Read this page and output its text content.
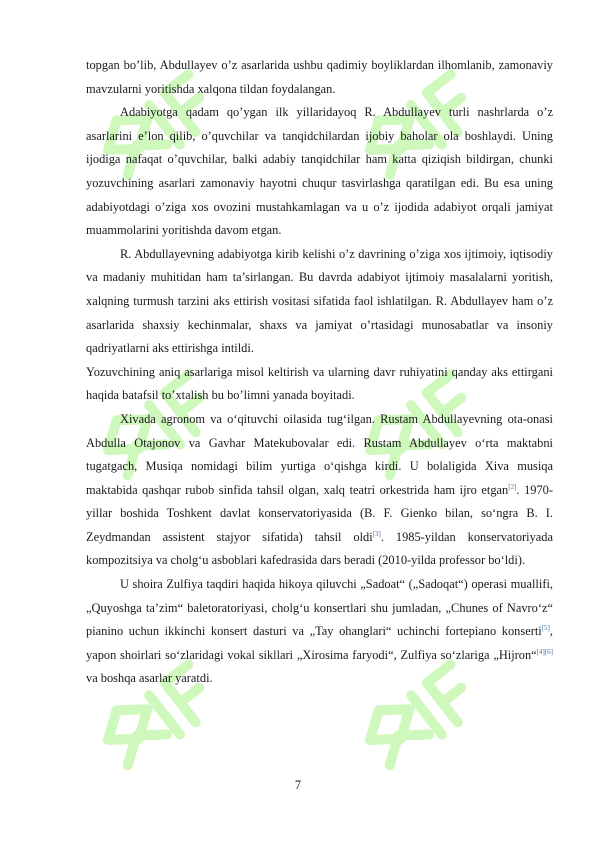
topgan bo’lib, Abdullayev o’z asarlarida ushbu qadimiy boyliklardan ilhomlanib, zamonaviy mavzularni yoritishda xalqona tildan foydalangan.

Adabiyotga qadam qo’ygan ilk yillaridayoq R. Abdullayev turli nashrlarda o’z asarlarini e’lon qilib, o’quvchilar va tanqidchilardan ijobiy baholar ola boshlaydi. Uning ijodiga nafaqat o’quvchilar, balki adabiy tanqidchilar ham katta qiziqish bildirgan, chunki yozuvchining asarlari zamonaviy hayotni chuqur tasvirlashga qaratilgan edi. Bu esa uning adabiyotdagi o’ziga xos ovozini mustahkamlagan va u o’z ijodida adabiyot orqali jamiyat muammolarini yoritishda davom etgan.

R. Abdullayevning adabiyotga kirib kelishi o’z davrining o’ziga xos ijtimoiy, iqtisodiy va madaniy muhitidan ham ta’sirlangan. Bu davrda adabiyot ijtimoiy masalalarni yoritish, xalqning turmush tarzini aks ettirish vositasi sifatida faol ishlatilgan. R. Abdullayev ham o’z asarlarida shaxsiy kechinmalar, shaxs va jamiyat o’rtasidagi munosabatlar va insoniy qadriyatlarni aks ettirishga intildi.

Yozuvchining aniq asarlariga misol keltirish va ularning davr ruhiyatini qanday aks ettirgani haqida batafsil to’xtalish bu bo’limni yanada boyitadi.

Xivada agronom va o‘qituvchi oilasida tug‘ilgan. Rustam Abdullayevning ota-onasi Abdulla Otajonov va Gavhar Matekubovalar edi. Rustam Abdullayev o‘rta maktabni tugatgach, Musiqa nomidagi bilim yurtiga o‘qishga kirdi. U bolaligida Xiva musiqa maktabida qashqar rubob sinfida tahsil olgan, xalq teatri orkestrida ham ijro etgan[2]. 1970-yillar boshida Toshkent davlat konservatoriyasida (B. F. Gienko bilan, so‘ngra B. I. Zeydmandan assistent stajyor sifatida) tahsil oldi[3]. 1985-yildan konservatoriyada kompozitsiya va cholg‘u asboblari kafedrasida dars beradi (2010-yilda professor bo‘ldi).

U shoira Zulfiya taqdiri haqida hikoya qiluvchi „Sadoat“ („Sadoqat“) operasi muallifi, „Quyoshga ta’zim“ baletoratoriyasi, cholg‘u konsertlari shu jumladan, „Chunes of Navro‘z“ pianino uchun ikkinchi konsert dasturi va „Tay ohanglari“ uchinchi fortepiano konserti[5], yapon shoirlari so‘zlaridagi vokal sikllari „Xirosima faryodi“, Zulfiya so‘zlariga „Hijron“[4][6] va boshqa asarlar yaratdi.

7
